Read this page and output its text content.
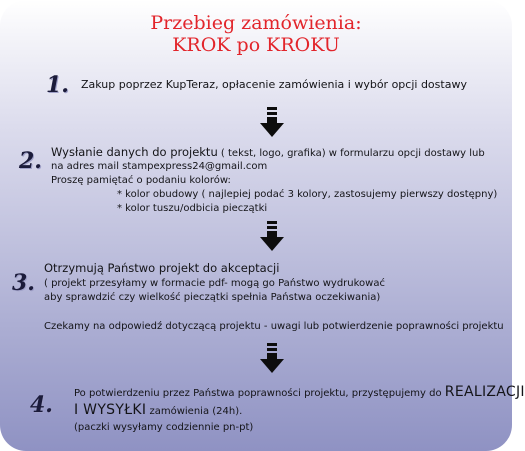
Przebieg zamówienia:
KROK po KROKU
1. Zakup poprzez KupTeraz, opłacenie zamówienia i wybór opcji dostawy
2. Wysłanie danych do projektu ( tekst, logo, grafika) w formularzu opcji dostawy lub
na adres mail stampexpress24@gmail.com
Proszę pamiętać o podaniu kolorów:
* kolor obudowy ( najlepiej podać 3 kolory, zastosujemy pierwszy dostępny)
* kolor tuszu/odbicia pieczątki
3.
Otrzymują Państwo projekt do akceptacji
( projekt przesyłamy w formacie pdf- mogą go Państwo wydrukować
aby sprawdzić czy wielkość pieczątki spełnia Państwa oczekiwania)
Czekamy na odpowiedź dotyczącą projektu - uwagi lub potwierdzenie poprawności projektu
4. Po potwierdzeniu przez Państwa poprawności projektu, przystępujemy do REALIZACJI
I WYSYŁKI zamówienia (24h).
(paczki wysyłamy codziennie pn-pt)
